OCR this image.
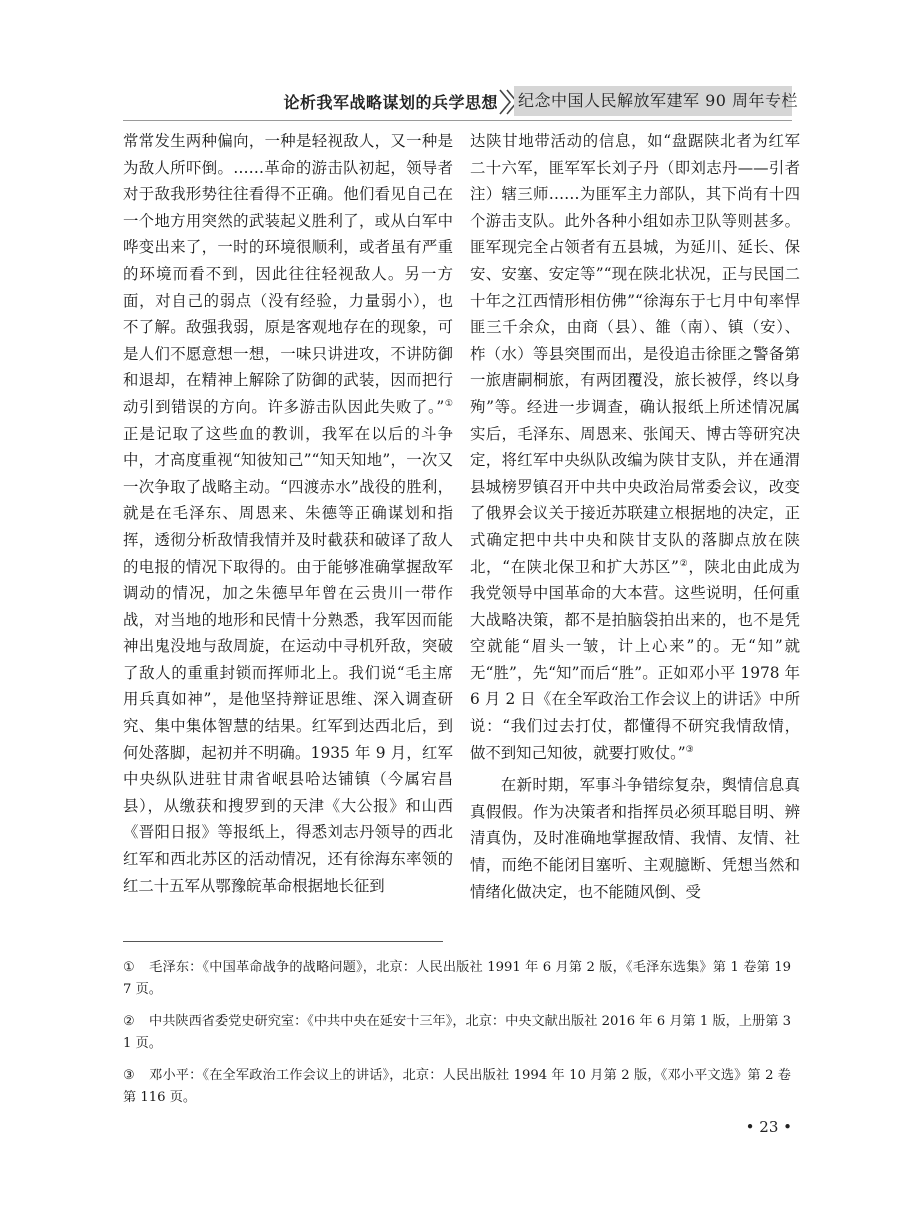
论析我军战略谋划的兵学思想 纪念中国人民解放军建军 90 周年专栏

常常发生两种偏向，一种是轻视敌人，又一种是为敌人所吓倒。……革命的游击队初起，领导者对于敌我形势往往看得不正确。他们看见自己在一个地方用突然的武装起义胜利了，或从白军中哗变出来了，一时的环境很顺利，或者虽有严重的环境而看不到，因此往往轻视敌人。另一方面，对自己的弱点（没有经验，力量弱小），也不了解。敌强我弱，原是客观地存在的现象，可是人们不愿意想一想，一味只讲进攻，不讲防御和退却，在精神上解除了防御的武装，因而把行动引到错误的方向。许多游击队因此失败了。”①正是记取了这些血的教训，我军在以后的斗争中，才高度重视“知彼知己”“知天知地”，一次又一次争取了战略主动。“四渡赤水”战役的胜利，就是在毛泽东、周恩来、朱德等正确谋划和指挥，透彻分析敌情我情并及时截获和破译了敌人的电报的情况下取得的。由于能够准确掌握敌军调动的情况，加之朱德早年曾在云贵川一带作战，对当地的地形和民情十分熟悉，我军因而能神出鬼没地与敌周旋，在运动中寻机歼敌，突破了敌人的重重封锁而挥师北上。我们说“毛主席用兵真如神”，是他坚持辩证思维、深入调查研究、集中集体智慧的结果。红军到达西北后，到何处落脚，起初并不明确。1935 年 9 月，红军中央纵队进驻甘肃省岷县哈达铺镇（今属宕昌县），从缴获和搜罗到的天津《大公报》和山西《晋阳日报》等报纸上，得悉刘志丹领导的西北红军和西北苏区的活动情况，还有徐海东率领的红二十五军从鄂豫皖革命根据地长征到

达陕甘地带活动的信息，如“盘踞陕北者为红军二十六军，匪军军长刘子丹（即刘志丹——引者注）辖三师……为匪军主力部队，其下尚有十四个游击支队。此外各种小组如赤卫队等则甚多。匪军现完全占领者有五县城，为延川、延长、保安、安塞、安定等”“现在陕北状况，正与民国二十年之江西情形相仿佛”“徐海东于七月中旬率悍匪三千余众，由商（县）、雒（南）、镇（安）、柞（水）等县突围而出，是役追击徐匪之警备第一旅唐嗣桐旅，有两团覆没，旅长被俘，终以身殉”等。经进一步调查，确认报纸上所述情况属实后，毛泽东、周恩来、张闻天、博古等研究决定，将红军中央纵队改编为陕甘支队，并在通渭县城榜罗镇召开中共中央政治局常委会议，改变了俄界会议关于接近苏联建立根据地的决定，正式确定把中共中央和陕甘支队的落脚点放在陕北，“在陕北保卫和扩大苏区”②，陕北由此成为我党领导中国革命的大本营。这些说明，任何重大战略决策，都不是拍脑袋拍出来的，也不是凭空就能“眉头一皱，计上心来”的。无“知”就无“胜”，先“知”而后“胜”。正如邓小平 1978 年 6 月 2 日《在全军政治工作会议上的讲话》中所说：“我们过去打仗，都懂得不研究我情敌情，做不到知己知彼，就要打败仗。”③

在新时期，军事斗争错综复杂，舆情信息真真假假。作为决策者和指挥员必须耳聪目明、辨清真伪，及时准确地掌握敌情、我情、友情、社情，而绝不能闭目塞听、主观臆断、凭想当然和情绪化做决定，也不能随风倒、受

① 毛泽东：《中国革命战争的战略问题》，北京：人民出版社 1991 年 6 月第 2 版，《毛泽东选集》第 1 卷第 197 页。

② 中共陕西省委党史研究室：《中共中央在延安十三年》，北京：中央文献出版社 2016 年 6 月第 1 版，上册第 31 页。

③ 邓小平：《在全军政治工作会议上的讲话》，北京：人民出版社 1994 年 10 月第 2 版，《邓小平文选》第 2 卷第 116 页。

• 23 •
